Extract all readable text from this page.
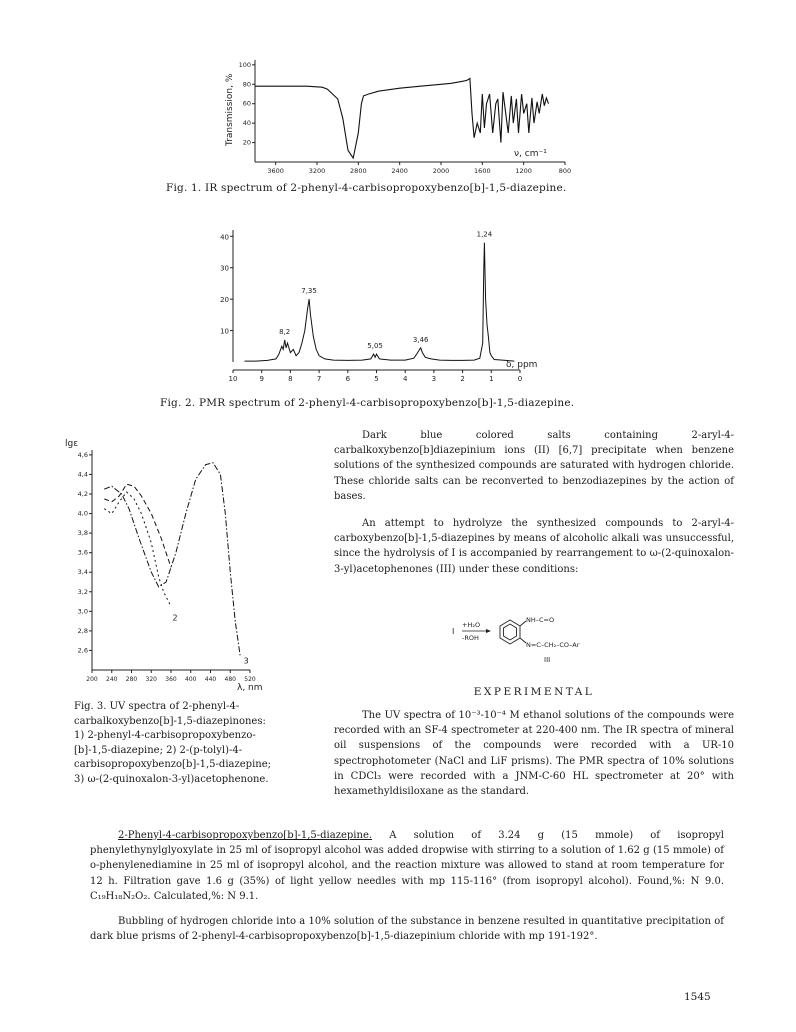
3600	3200	2800	2400	2000	1600	1200	800
20
40
60
80
100
Transmission, %
ν, cm⁻¹
Fig. 1. IR spectrum of 2-phenyl-4-carbisopropoxybenzo[b]-1,5-diazepine.
10	9	8	7	6	5	4	3	2	1	0
10
20
30
40
8,2
7,35
5,05
3,46
1,24
δ, ppm
Fig. 2. PMR spectrum of 2-phenyl-4-carbisopropoxybenzo[b]-1,5-diazepine.
200 240 280 320 360 400 440 480 520
2,6
2,8
3,0
3,2
3,4
3,6
3,8
4,0
4,2
4,4
4,6
2
3
lgε
λ, nm
Fig. 3. UV spectra of 2-phenyl-4-
carbalkoxybenzo[b]-1,5-diazepinones:
1) 2-phenyl-4-carbisopropoxybenzo-
[b]-1,5-diazepine; 2) 2-(p-tolyl)-4-
carbisopropoxybenzo[b]-1,5-diazepine;
3) ω-(2-quinoxalon-3-yl)acetophenone.

Dark blue colored salts containing 2-aryl-4-carbalkoxybenzo[b]diazepinium ions (II) [6,7] precipitate when benzene solutions of the synthesized compounds are saturated with hydrogen chloride. These chloride salts can be reconverted to benzodiazepines by the action of bases.

An attempt to hydrolyze the synthesized compounds to 2-aryl-4-carboxybenzo[b]-1,5-diazepines by means of alcoholic alkali was unsuccessful, since the hydrolysis of I is accompanied by rearrangement to ω-(2-quinoxalon-3-yl)acetophenones (III) under these conditions:

I
+H₂O
-ROH
NH–C=O
N=C–CH₂–CO–Ar
III
EXPERIMENTAL

The UV spectra of 10⁻³-10⁻⁴ M ethanol solutions of the compounds were recorded with an SF-4 spectrometer at 220-400 nm. The IR spectra of mineral oil suspensions of the compounds were recorded with a UR-10 spectrophotometer (NaCl and LiF prisms). The PMR spectra of 10% solutions in CDCl₃ were recorded with a JNM-C-60 HL spectrometer at 20° with hexamethyldisiloxane as the standard.

2-Phenyl-4-carbisopropoxybenzo[b]-1,5-diazepine. A solution of 3.24 g (15 mmole) of isopropyl phenylethynylglyoxylate in 25 ml of isopropyl alcohol was added dropwise with stirring to a solution of 1.62 g (15 mmole) of o-phenylenediamine in 25 ml of isopropyl alcohol, and the reaction mixture was allowed to stand at room temperature for 12 h. Filtration gave 1.6 g (35%) of light yellow needles with mp 115-116° (from isopropyl alcohol). Found,%: N 9.0. C₁₉H₁₈N₂O₂. Calculated,%: N 9.1.

Bubbling of hydrogen chloride into a 10% solution of the substance in benzene resulted in quantitative precipitation of dark blue prisms of 2-phenyl-4-carbisopropoxybenzo[b]-1,5-diazepinium chloride with mp 191-192°.

1545
